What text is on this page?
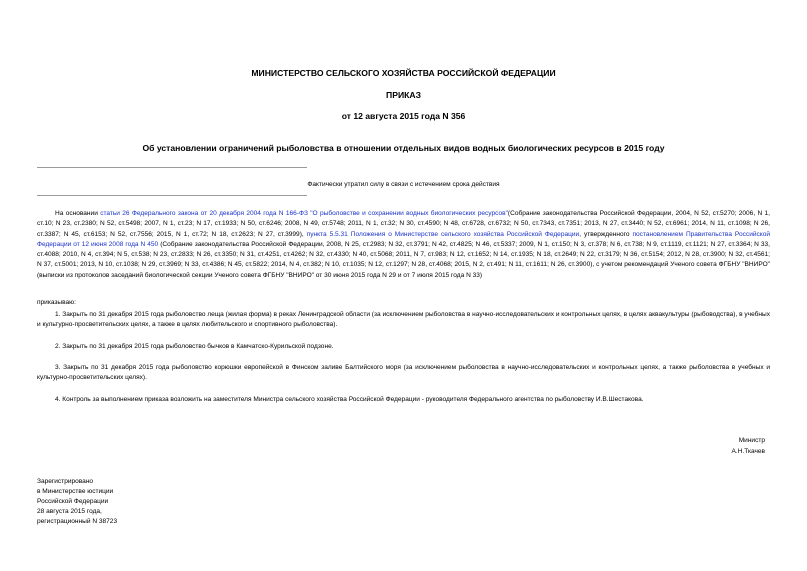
МИНИСТЕРСТВО СЕЛЬСКОГО ХОЗЯЙСТВА РОССИЙСКОЙ ФЕДЕРАЦИИ
ПРИКАЗ
от 12 августа 2015 года N 356
Об установлении ограничений рыболовства в отношении отдельных видов водных биологических ресурсов в 2015 году
Фактически утратил силу в связи с истечением срока действия
На основании статьи 26 Федерального закона от 20 декабря 2004 года N 166-ФЗ "О рыболовстве и сохранении водных биологических ресурсов"(Собрание законодательства Российской Федерации, 2004, N 52, ст.5270; 2006, N 1, ст.10; N 23, ст.2380; N 52, ст.5498; 2007, N 1, ст.23; N 17, ст.1933; N 50, ст.6246; 2008, N 49, ст.5748; 2011, N 1, ст.32; N 30, ст.4590; N 48, ст.6728, ст.6732; N 50, ст.7343, ст.7351; 2013, N 27, ст.3440; N 52, ст.6961; 2014, N 11, ст.1098; N 26, ст.3387; N 45, ст.6153; N 52, ст.7556; 2015, N 1, ст.72; N 18, ст.2623; N 27, ст.3999), пункта 5.5.31 Положения о Министерстве сельского хозяйства Российской Федерации, утвержденного постановлением Правительства Российской Федерации от 12 июня 2008 года N 450 (Собрание законодательства Российской Федерации, 2008, N 25, ст.2983; N 32, ст.3791; N 42, ст.4825; N 46, ст.5337; 2009, N 1, ст.150; N 3, ст.378; N 6, ст.738; N 9, ст.1119, ст.1121; N 27, ст.3364; N 33, ст.4088; 2010, N 4, ст.394; N 5, ст.538; N 23, ст.2833; N 26, ст.3350; N 31, ст.4251, ст.4262; N 32, ст.4330; N 40, ст.5068; 2011, N 7, ст.983; N 12, ст.1652; N 14, ст.1935; N 18, ст.2649; N 22, ст.3179; N 36, ст.5154; 2012, N 28, ст.3900; N 32, ст.4561; N 37, ст.5001; 2013, N 10, ст.1038; N 29, ст.3969; N 33, ст.4386; N 45, ст.5822; 2014, N 4, ст.382; N 10, ст.1035; N 12, ст.1297; N 28, ст.4068; 2015, N 2, ст.491; N 11, ст.1611; N 26, ст.3900), с учетом рекомендаций Ученого совета ФГБНУ "ВНИРО" (выписки из протоколов заседаний биологической секции Ученого совета ФГБНУ "ВНИРО" от 30 июня 2015 года N 29 и от 7 июля 2015 года N 33)
приказываю:
1. Закрыть по 31 декабря 2015 года рыболовство леща (жилая форма) в реках Ленинградской области (за исключением рыболовства в научно-исследовательских и контрольных целях, в целях аквакультуры (рыбоводства), в учебных и культурно-просветительских целях, а также в целях любительского и спортивного рыболовства).
2. Закрыть по 31 декабря 2015 года рыболовство бычков в Камчатско-Курильской подзоне.
3. Закрыть по 31 декабря 2015 года рыболовство корюшки европейской в Финском заливе Балтийского моря (за исключением рыболовства в научно-исследовательских и контрольных целях, а также рыболовства в учебных и культурно-просветительских целях).
4. Контроль за выполнением приказа возложить на заместителя Министра сельского хозяйства Российской Федерации - руководителя Федерального агентства по рыболовству И.В.Шестакова.
Министр
А.Н.Ткачев
Зарегистрировано
в Министерстве юстиции
Российской Федерации
28 августа 2015 года,
регистрационный N 38723
